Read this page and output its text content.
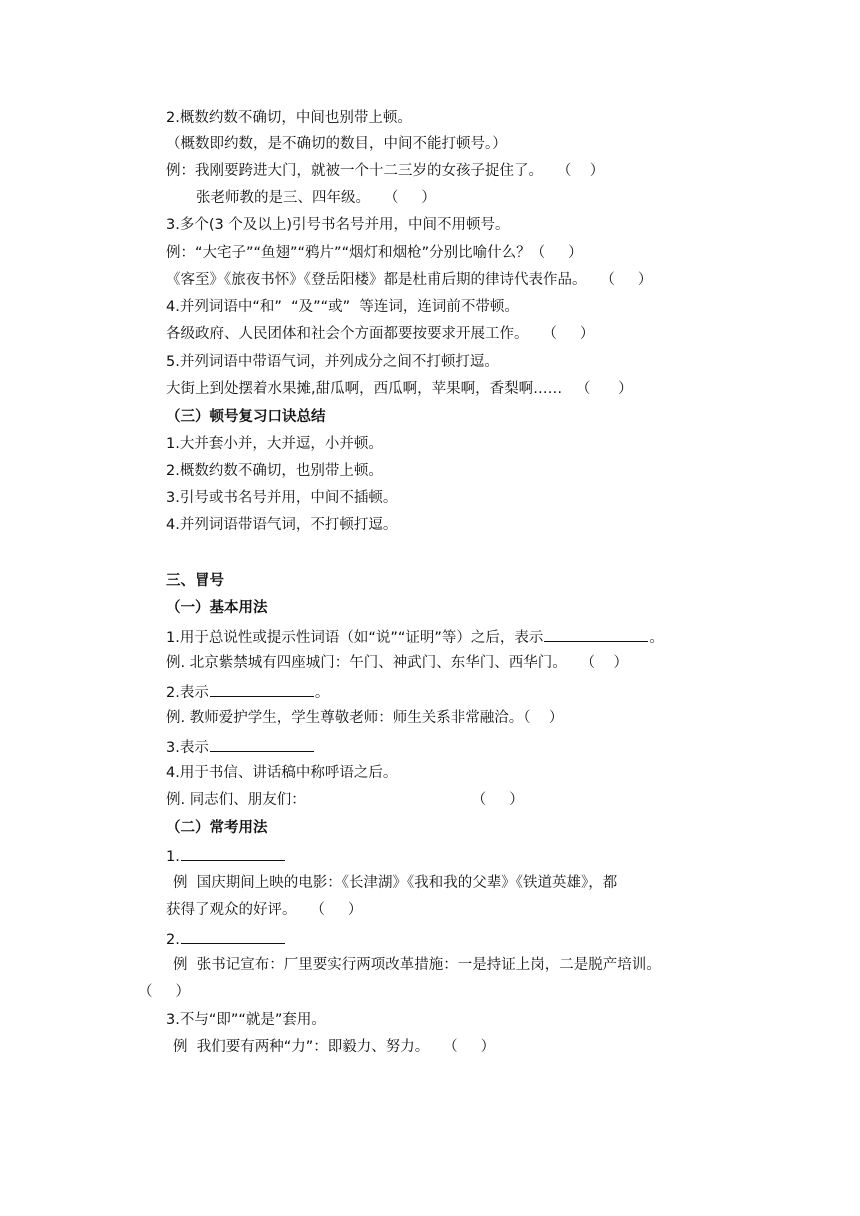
2.概数约数不确切，中间也别带上顿。
（概数即约数，是不确切的数目，中间不能打顿号。）
例：我刚要跨进大门，就被一个十二三岁的女孩子捉住了。   （    ）
张老师教的是三、四年级。   （     ）
3.多个(3 个及以上)引号书名号并用，中间不用顿号。
例：“大宅子”“鱼翅”“鸦片”“烟灯和烟枪”分别比喻什么？（     ）
《客至》《旅夜书怀》《登岳阳楼》都是杜甫后期的律诗代表作品。   （     ）
4.并列词语中“和”  “及”“或”  等连词，连词前不带顿。
各级政府、人民团体和社会个方面都要按要求开展工作。   （     ）
5.并列词语中带语气词，并列成分之间不打顿打逗。
大街上到处摆着水果摊,甜瓜啊，西瓜啊，苹果啊，香梨啊……   （      ）
（三）顿号复习口诀总结
1.大并套小并，大并逗，小并顿。
2.概数约数不确切，也别带上顿。
3.引号或书名号并用，中间不插顿。
4.并列词语带语气词，不打顿打逗。
三、冒号
（一）基本用法
1.用于总说性或提示性词语（如“说”“证明”等）之后，表示	。
例. 北京紫禁城有四座城门：午门、神武门、东华门、西华门。   （    ）
2.表示	。
例. 教师爱护学生，学生尊敬老师：师生关系非常融洽。（    ）
3.表示
4.用于书信、讲话稿中称呼语之后。
例. 同志们、朋友们：                                    （     ）
（二）常考用法
1.
例  国庆期间上映的电影：《长津湖》《我和我的父辈》《铁道英雄》，都
获得了观众的好评。   （     ）
2.
例  张书记宣布：厂里要实行两项改革措施：一是持证上岗，二是脱产培训。
（     ）
3.不与“即”“就是”套用。
例  我们要有两种“力”：即毅力、努力。   （     ）
